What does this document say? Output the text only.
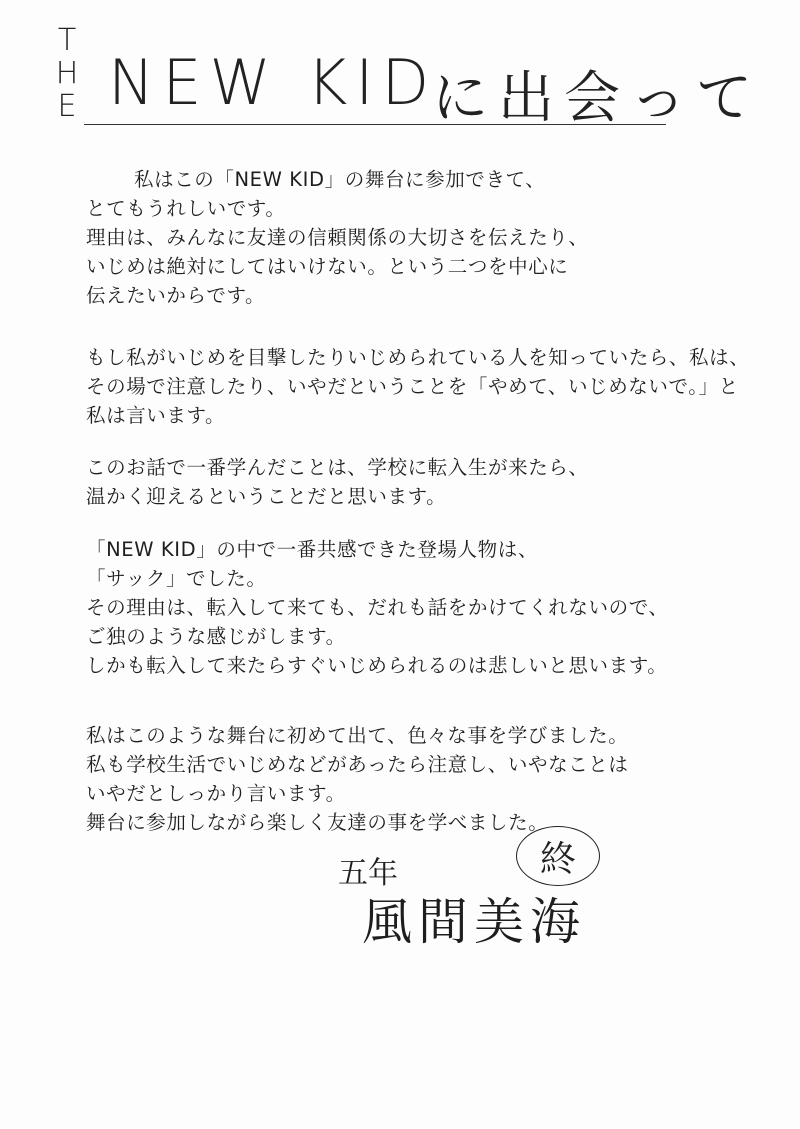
T
H
E NEW KID
に出会って
私はこの「NEW KID」の舞台に参加できて、
とてもうれしいです。
理由は、みんなに友達の信頼関係の大切さを伝えたり、
いじめは絶対にしてはいけない。という二つを中心に
伝えたいからです。
もし私がいじめを目撃したりいじめられている人を知っていたら、私は、
その場で注意したり、いやだということを「やめて、いじめないで。」と
私は言います。
このお話で一番学んだことは、学校に転入生が来たら、
温かく迎えるということだと思います。
「NEW KID」の中で一番共感できた登場人物は、
「サック」でした。
その理由は、転入して来ても、だれも話をかけてくれないので、
ご独のような感じがします。
しかも転入して来たらすぐいじめられるのは悲しいと思います。
私はこのような舞台に初めて出て、色々な事を学びました。
私も学校生活でいじめなどがあったら注意し、いやなことは
いやだとしっかり言います。
舞台に参加しながら楽しく友達の事を学べました。
終
五年
風間美海
